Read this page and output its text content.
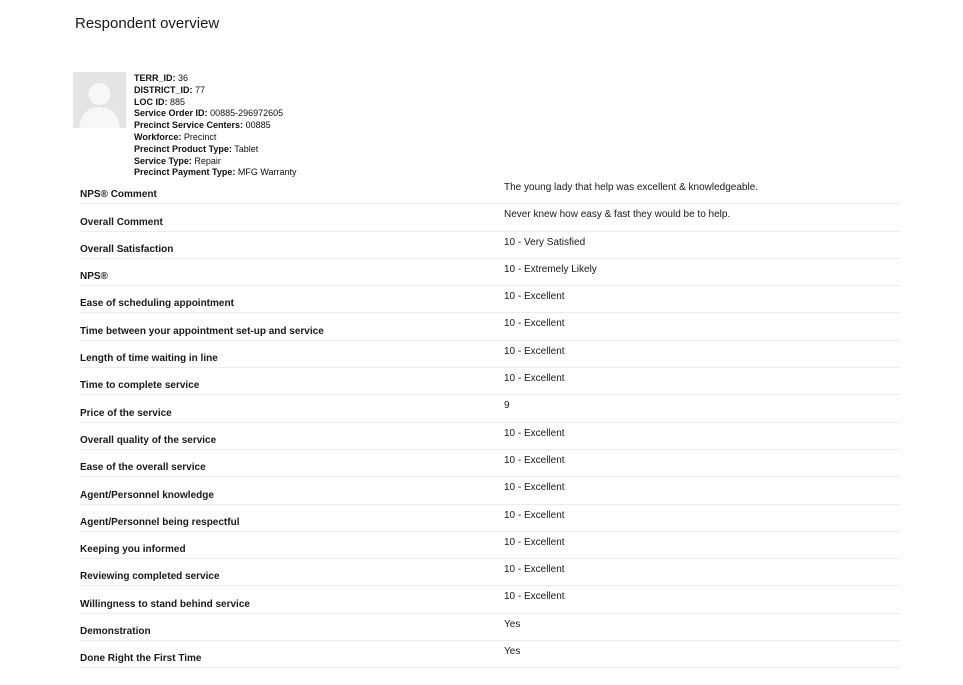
Respondent overview
TERR_ID: 36
DISTRICT_ID: 77
LOC ID: 885
Service Order ID: 00885-296972605
Precinct Service Centers: 00885
Workforce: Precinct
Precinct Product Type: Tablet
Service Type: Repair
Precinct Payment Type: MFG Warranty
NPS® Comment
The young lady that help was excellent & knowledgeable.
Overall Comment
Never knew how easy & fast they would be to help.
Overall Satisfaction
10 - Very Satisfied
NPS®
10 - Extremely Likely
Ease of scheduling appointment
10 - Excellent
Time between your appointment set-up and service
10 - Excellent
Length of time waiting in line
10 - Excellent
Time to complete service
10 - Excellent
Price of the service
9
Overall quality of the service
10 - Excellent
Ease of the overall service
10 - Excellent
Agent/Personnel knowledge
10 - Excellent
Agent/Personnel being respectful
10 - Excellent
Keeping you informed
10 - Excellent
Reviewing completed service
10 - Excellent
Willingness to stand behind service
10 - Excellent
Demonstration
Yes
Done Right the First Time
Yes
